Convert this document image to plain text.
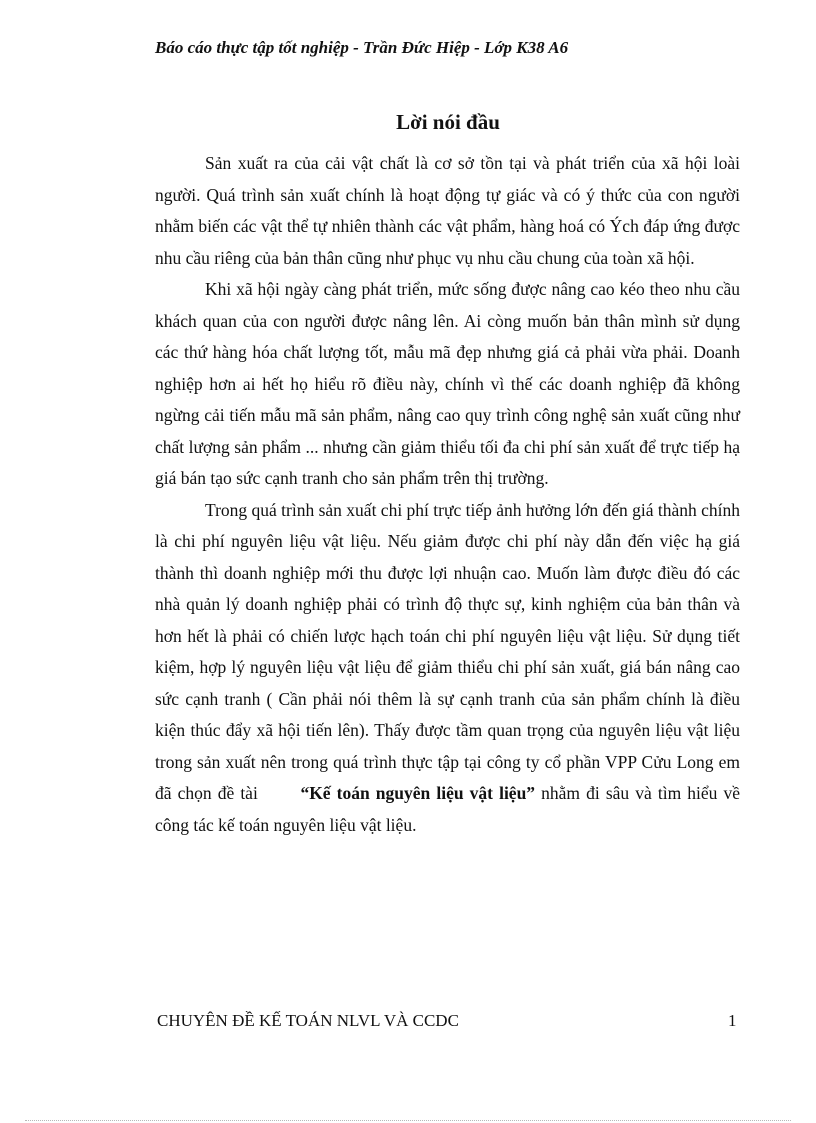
Báo cáo thực tập tốt nghiệp - Trần Đức Hiệp - Lớp K38 A6
Lời nói đầu

Sản xuất ra của cải vật chất là cơ sở tồn tại và phát triển của xã hội loài người. Quá trình sản xuất chính là hoạt động tự giác và có ý thức của con người nhằm biến các vật thể tự nhiên thành các vật phẩm, hàng hoá có Ých đáp ứng được nhu cầu riêng của bản thân cũng như phục vụ nhu cầu chung của toàn xã hội.

Khi xã hội ngày càng phát triển, mức sống được nâng cao kéo theo nhu cầu khách quan của con người được nâng lên. Ai còng muốn bản thân mình sử dụng các thứ hàng hóa chất lượng tốt, mẫu mã đẹp nhưng giá cả phải vừa phải. Doanh nghiệp hơn ai hết họ hiểu rõ điều này, chính vì thế các doanh nghiệp đã không ngừng cải tiến mẫu mã sản phẩm, nâng cao quy trình công nghệ sản xuất cũng như chất lượng sản phẩm ... nhưng cần giảm thiểu tối đa chi phí sản xuất để trực tiếp hạ giá bán tạo sức cạnh tranh cho sản phẩm trên thị trường.

Trong quá trình sản xuất chi phí trực tiếp ảnh hưởng lớn đến giá thành chính là chi phí nguyên liệu vật liệu. Nếu giảm được chi phí này dẫn đến việc hạ giá thành thì doanh nghiệp mới thu được lợi nhuận cao. Muốn làm được điều đó các nhà quản lý doanh nghiệp phải có trình độ thực sự, kinh nghiệm của bản thân và hơn hết là phải có chiến lược hạch toán chi phí nguyên liệu vật liệu. Sử dụng tiết kiệm, hợp lý nguyên liệu vật liệu để giảm thiểu chi phí sản xuất, giá bán nâng cao sức cạnh tranh ( Cần phải nói thêm là sự cạnh tranh của sản phẩm chính là điều kiện thúc đẩy xã hội tiến lên). Thấy được tầm quan trọng của nguyên liệu vật liệu trong sản xuất nên trong quá trình thực tập tại công ty cổ phần VPP Cửu Long em đã chọn đề tài “Kế toán nguyên liệu vật liệu” nhằm đi sâu và tìm hiểu về công tác kế toán nguyên liệu vật liệu.

CHUYÊN ĐỀ KẾ TOÁN NLVL VÀ CCDC	1
